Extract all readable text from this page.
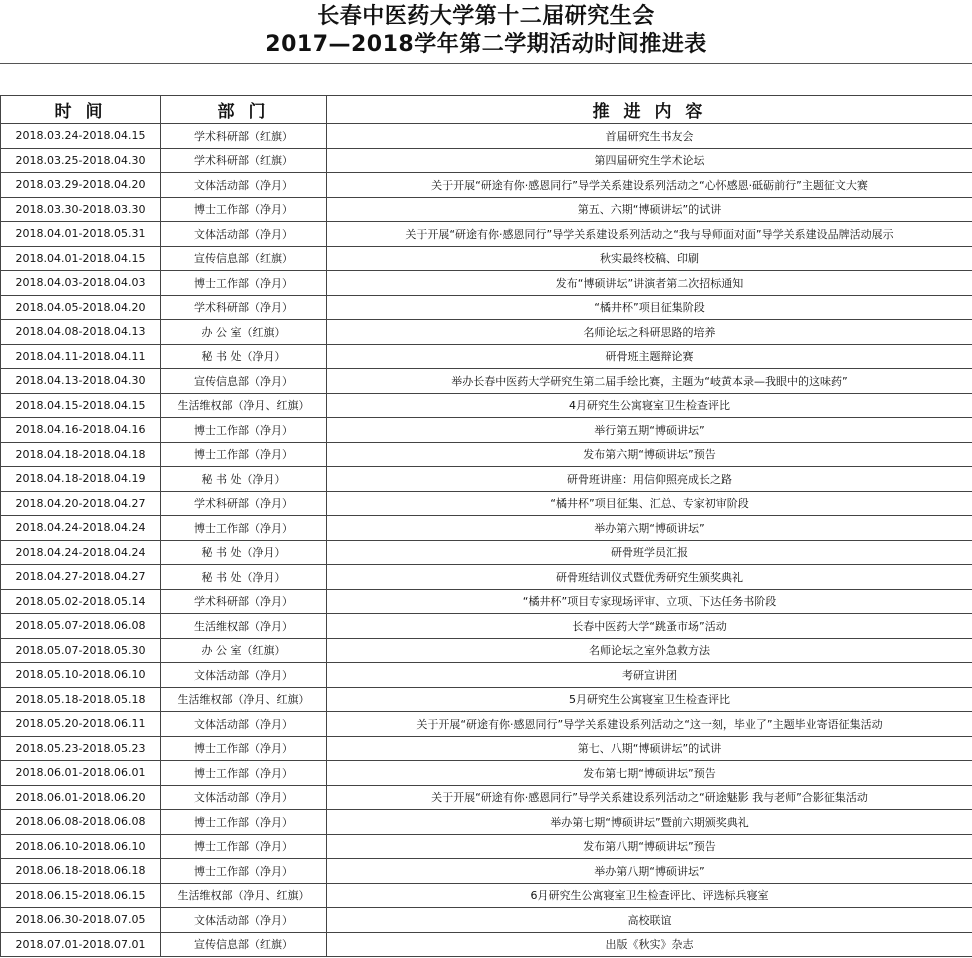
长春中医药大学第十二届研究生会
2017—2018学年第二学期活动时间推进表
时 间	部 门	推 进 内 容
2018.03.24-2018.04.15	学术科研部（红旗）	首届研究生书友会
2018.03.25-2018.04.30	学术科研部（红旗）	第四届研究生学术论坛
2018.03.29-2018.04.20	文体活动部（净月）	关于开展“研途有你·感恩同行”导学关系建设系列活动之“心怀感恩·砥砺前行”主题征文大赛
2018.03.30-2018.03.30	博士工作部（净月）	第五、六期“博硕讲坛”的试讲
2018.04.01-2018.05.31	文体活动部（净月）	关于开展“研途有你·感恩同行”导学关系建设系列活动之“我与导师面对面”导学关系建设品牌活动展示
2018.04.01-2018.04.15	宣传信息部（红旗）	秋实最终校稿、印刷
2018.04.03-2018.04.03	博士工作部（净月）	发布“博硕讲坛”讲演者第二次招标通知
2018.04.05-2018.04.20	学术科研部（净月）	“橘井杯”项目征集阶段
2018.04.08-2018.04.13	办 公 室（红旗）	名师论坛之科研思路的培养
2018.04.11-2018.04.11	秘 书 处（净月）	研骨班主题辩论赛
2018.04.13-2018.04.30	宣传信息部（净月）	举办长春中医药大学研究生第二届手绘比赛，主题为“岐黄本录—我眼中的这味药”
2018.04.15-2018.04.15	生活维权部（净月、红旗）	4月研究生公寓寝室卫生检查评比
2018.04.16-2018.04.16	博士工作部（净月）	举行第五期“博硕讲坛”
2018.04.18-2018.04.18	博士工作部（净月）	发布第六期“博硕讲坛”预告
2018.04.18-2018.04.19	秘 书 处（净月）	研骨班讲座：用信仰照亮成长之路
2018.04.20-2018.04.27	学术科研部（净月）	“橘井杯”项目征集、汇总、专家初审阶段
2018.04.24-2018.04.24	博士工作部（净月）	举办第六期“博硕讲坛”
2018.04.24-2018.04.24	秘 书 处（净月）	研骨班学员汇报
2018.04.27-2018.04.27	秘 书 处（净月）	研骨班结训仪式暨优秀研究生颁奖典礼
2018.05.02-2018.05.14	学术科研部（净月）	“橘井杯”项目专家现场评审、立项、下达任务书阶段
2018.05.07-2018.06.08	生活维权部（净月）	长春中医药大学“跳蚤市场”活动
2018.05.07-2018.05.30	办 公 室（红旗）	名师论坛之室外急救方法
2018.05.10-2018.06.10	文体活动部（净月）	考研宣讲团
2018.05.18-2018.05.18	生活维权部（净月、红旗）	5月研究生公寓寝室卫生检查评比
2018.05.20-2018.06.11	文体活动部（净月）	关于开展“研途有你·感恩同行”导学关系建设系列活动之“这一刻，毕业了”主题毕业寄语征集活动
2018.05.23-2018.05.23	博士工作部（净月）	第七、八期“博硕讲坛”的试讲
2018.06.01-2018.06.01	博士工作部（净月）	发布第七期“博硕讲坛”预告
2018.06.01-2018.06.20	文体活动部（净月）	关于开展“研途有你·感恩同行”导学关系建设系列活动之“研途魅影 我与老师”合影征集活动
2018.06.08-2018.06.08	博士工作部（净月）	举办第七期“博硕讲坛”暨前六期颁奖典礼
2018.06.10-2018.06.10	博士工作部（净月）	发布第八期“博硕讲坛”预告
2018.06.18-2018.06.18	博士工作部（净月）	举办第八期“博硕讲坛”
2018.06.15-2018.06.15	生活维权部（净月、红旗）	6月研究生公寓寝室卫生检查评比、评选标兵寝室
2018.06.30-2018.07.05	文体活动部（净月）	高校联谊
2018.07.01-2018.07.01	宣传信息部（红旗）	出版《秋实》杂志
